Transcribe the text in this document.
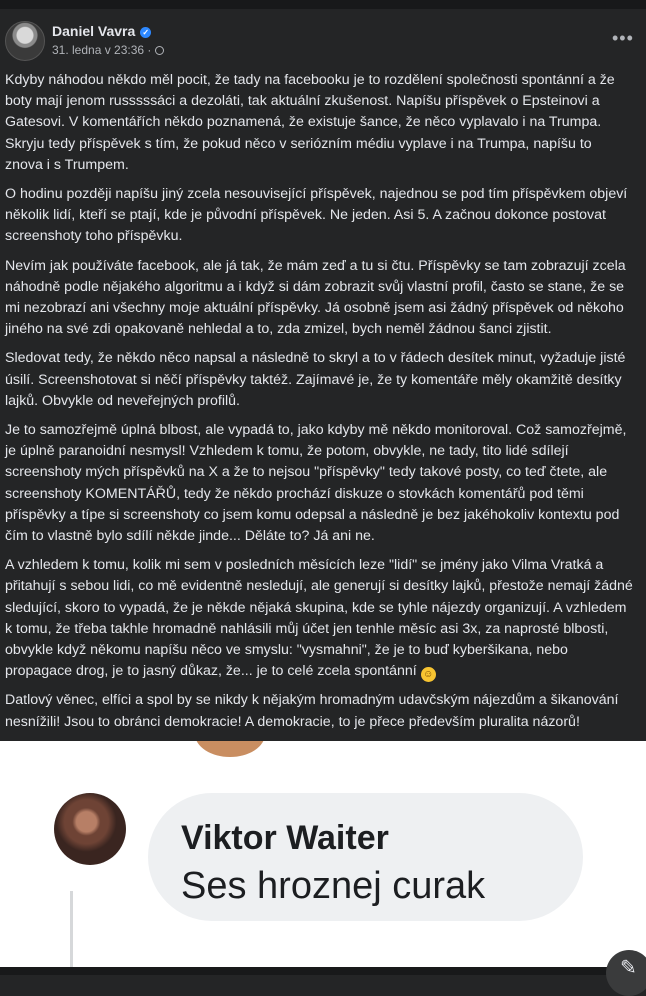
Daniel Vavra ✓
31. ledna v 23:36 ·
•••

Kdyby náhodou někdo měl pocit, že tady na facebooku je to rozdělení společnosti spontánní a že boty mají jenom russsssáci a dezoláti, tak aktuální zkušenost. Napíšu příspěvek o Epsteinovi a Gatesovi. V komentářích někdo poznamená, že existuje šance, že něco vyplavalo i na Trumpa. Skryju tedy příspěvek s tím, že pokud něco v seriózním médiu vyplave i na Trumpa, napíšu to znova i s Trumpem.

O hodinu později napíšu jiný zcela nesouvisející příspěvek, najednou se pod tím příspěvkem objeví několik lidí, kteří se ptají, kde je původní příspěvek. Ne jeden. Asi 5. A začnou dokonce postovat screenshoty toho příspěvku.

Nevím jak používáte facebook, ale já tak, že mám zeď a tu si čtu. Příspěvky se tam zobrazují zcela náhodně podle nějakého algoritmu a i když si dám zobrazit svůj vlastní profil, často se stane, že se mi nezobrazí ani všechny moje aktuální příspěvky. Já osobně jsem asi žádný příspěvek od někoho jiného na své zdi opakovaně nehledal a to, zda zmizel, bych neměl žádnou šanci zjistit.

Sledovat tedy, že někdo něco napsal a následně to skryl a to v řádech desítek minut, vyžaduje jisté úsilí. Screenshotovat si něčí příspěvky taktéž. Zajímavé je, že ty komentáře měly okamžitě desítky lajků. Obvykle od neveřejných profilů.

Je to samozřejmě úplná blbost, ale vypadá to, jako kdyby mě někdo monitoroval. Což samozřejmě, je úplně paranoidní nesmysl! Vzhledem k tomu, že potom, obvykle, ne tady, tito lidé sdílejí screenshoty mých příspěvků na X a že to nejsou "příspěvky" tedy takové posty, co teď čtete, ale screenshoty KOMENTÁŘŮ, tedy že někdo prochází diskuze o stovkách komentářů pod těmi příspěvky a típe si screenshoty co jsem komu odepsal a následně je bez jakéhokoliv kontextu pod čím to vlastně bylo sdílí někde jinde... Děláte to? Já ani ne.

A vzhledem k tomu, kolik mi sem v posledních měsících leze "lidí" se jmény jako Vilma Vratká a přitahují s sebou lidi, co mě evidentně nesledují, ale generují si desítky lajků, přestože nemají žádné sledující, skoro to vypadá, že je někde nějaká skupina, kde se tyhle nájezdy organizují. A vzhledem k tomu, že třeba takhle hromadně nahlásili můj účet jen tenhle měsíc asi 3x, za naprosté blbosti, obvykle když někomu napíšu něco ve smyslu: "vysmahni", že je to buď kyberšikana, nebo propagace drog, je to jasný důkaz, že... je to celé zcela spontánní ☺

Datlový věnec, elfíci a spol by se nikdy k nějakým hromadným udavčským nájezdům a šikanování nesnížili! Jsou to obránci demokracie! A demokracie, to je přece především pluralita názorů!

Viktor Waiter
Ses hroznej curak
✎
